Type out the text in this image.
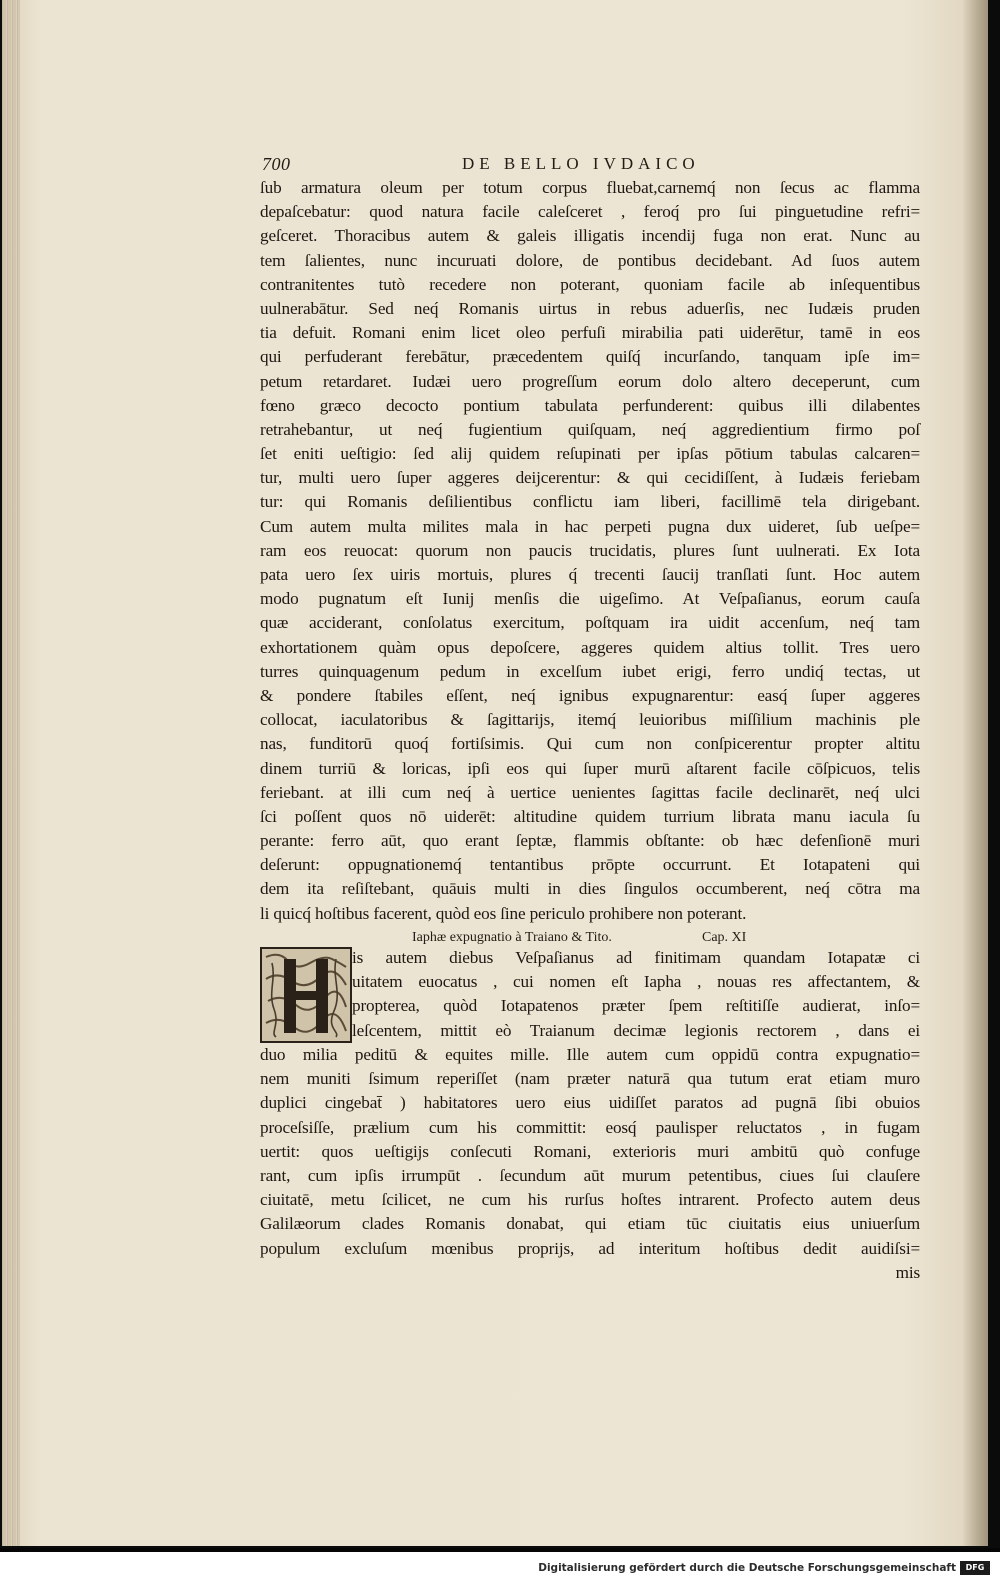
700	DE BELLO IVDAICO
ſub armatura oleum per totum corpus fluebat,carnemq́ non ſecus ac flamma
depaſcebatur: quod natura facile caleſceret , feroq́ pro ſui pinguetudine refri=
geſceret. Thoracibus autem & galeis illigatis incendij fuga non erat. Nunc au
tem ſalientes, nunc incuruati dolore, de pontibus decidebant. Ad ſuos autem
contranitentes tutò recedere non poterant, quoniam facile ab inſequentibus
uulnerabātur. Sed neq́ Romanis uirtus in rebus aduerſis, nec Iudæis pruden
tia defuit. Romani enim licet oleo perfuſi mirabilia pati uiderētur, tamē in eos
qui perfuderant ferebātur, præcedentem quiſq́ incurſando, tanquam ipſe im=
petum retardaret. Iudæi uero progreſſum eorum dolo altero deceperunt, cum
fœno græco decocto pontium tabulata perfunderent: quibus illi dilabentes
retrahebantur, ut neq́ fugientium quiſquam, neq́ aggredientium firmo poſ
ſet eniti ueſtigio: ſed alij quidem reſupinati per ipſas pōtium tabulas calcaren=
tur, multi uero ſuper aggeres deijcerentur: & qui cecidiſſent, à Iudæis feriebam
tur: qui Romanis deſilientibus conflictu iam liberi, facillimē tela dirigebant.
Cum autem multa milites mala in hac perpeti pugna dux uideret, ſub ueſpe=
ram eos reuocat: quorum non paucis trucidatis, plures ſunt uulnerati. Ex Iota
pata uero ſex uiris mortuis, plures q́ trecenti ſaucij tranſlati ſunt. Hoc autem
modo pugnatum eſt Iunij menſis die uigeſimo. At Veſpaſianus, eorum cauſa
quæ acciderant, conſolatus exercitum, poſtquam ira uidit accenſum, neq́ tam
exhortationem quàm opus depoſcere, aggeres quidem altius tollit. Tres uero
turres quinquagenum pedum in excelſum iubet erigi, ferro undiq́ tectas, ut
& pondere ſtabiles eſſent, neq́ ignibus expugnarentur: easq́ ſuper aggeres
collocat, iaculatoribus & ſagittarijs, itemq́ leuioribus miſſilium machinis ple
nas, funditorū quoq́ fortiſsimis. Qui cum non conſpicerentur propter altitu
dinem turriū & loricas, ipſi eos qui ſuper murū aſtarent facile cōſpicuos, telis
feriebant. at illi cum neq́ à uertice uenientes ſagittas facile declinarēt, neq́ ulci
ſci poſſent quos nō uiderēt: altitudine quidem turrium librata manu iacula ſu
perante: ferro aūt, quo erant ſeptæ, flammis obſtante: ob hæc defenſionē muri
deſerunt: oppugnationemq́ tentantibus prōpte occurrunt. Et Iotapateni qui
dem ita reſiſtebant, quāuis multi in dies ſingulos occumberent, neq́ cōtra ma
li quicq́ hoſtibus facerent, quòd eos ſine periculo prohibere non poterant.
Iaphæ expugnatio à Traiano & Tito.	Cap. XI
is autem diebus Veſpaſianus ad finitimam quandam Iotapatæ ci
uitatem euocatus , cui nomen eſt Iapha , nouas res affectantem, &
propterea, quòd Iotapatenos præter ſpem reſtitiſſe audierat, inſo=
leſcentem, mittit eò Traianum decimæ legionis rectorem , dans ei
duo milia peditū & equites mille. Ille autem cum oppidū contra expugnatio=
nem muniti ſsimum reperiſſet (nam præter naturā qua tutum erat etiam muro
duplici cingebat̄ ) habitatores uero eius uidiſſet paratos ad pugnā ſibi obuios
proceſsiſſe, prælium cum his committit: eosq́ paulisper reluctatos , in fugam
uertit: quos ueſtigijs conſecuti Romani, exterioris muri ambitū quò confuge
rant, cum ipſis irrumpūt . ſecundum aūt murum petentibus, ciues ſui clauſere
ciuitatē, metu ſcilicet, ne cum his rurſus hoſtes intrarent. Profecto autem deus
Galilæorum clades Romanis donabat, qui etiam tūc ciuitatis eius uniuerſum
populum excluſum mœnibus proprijs, ad interitum hoſtibus dedit auidiſsi=
mis
Digitalisierung gefördert durch die Deutsche Forschungsgemeinschaft	DFG
